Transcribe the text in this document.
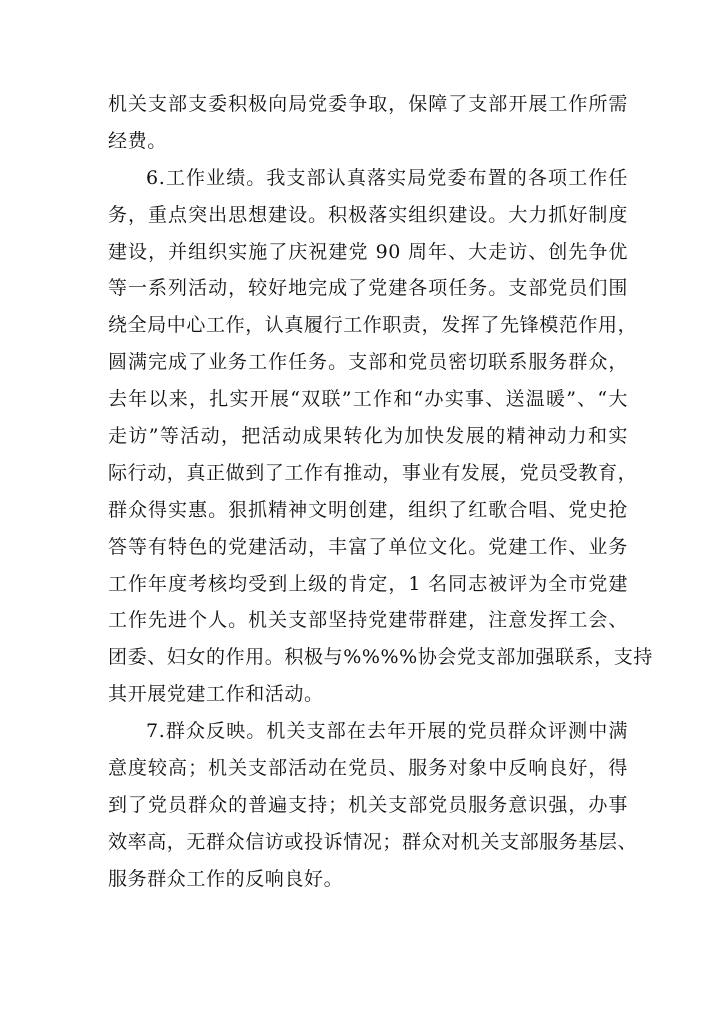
机关支部支委积极向局党委争取，保障了支部开展工作所需
经费。
6.工作业绩。我支部认真落实局党委布置的各项工作任
务，重点突出思想建设。积极落实组织建设。大力抓好制度
建设，并组织实施了庆祝建党 90 周年、大走访、创先争优
等一系列活动，较好地完成了党建各项任务。支部党员们围
绕全局中心工作，认真履行工作职责，发挥了先锋模范作用，
圆满完成了业务工作任务。支部和党员密切联系服务群众，
去年以来，扎实开展“双联”工作和“办实事、送温暖”、“大
走访”等活动，把活动成果转化为加快发展的精神动力和实
际行动，真正做到了工作有推动，事业有发展，党员受教育，
群众得实惠。狠抓精神文明创建，组织了红歌合唱、党史抢
答等有特色的党建活动，丰富了单位文化。党建工作、业务
工作年度考核均受到上级的肯定，1 名同志被评为全市党建
工作先进个人。机关支部坚持党建带群建，注意发挥工会、
团委、妇女的作用。积极与%%%%协会党支部加强联系，支持
其开展党建工作和活动。
7.群众反映。机关支部在去年开展的党员群众评测中满
意度较高；机关支部活动在党员、服务对象中反响良好，得
到了党员群众的普遍支持；机关支部党员服务意识强，办事
效率高，无群众信访或投诉情况；群众对机关支部服务基层、
服务群众工作的反响良好。
